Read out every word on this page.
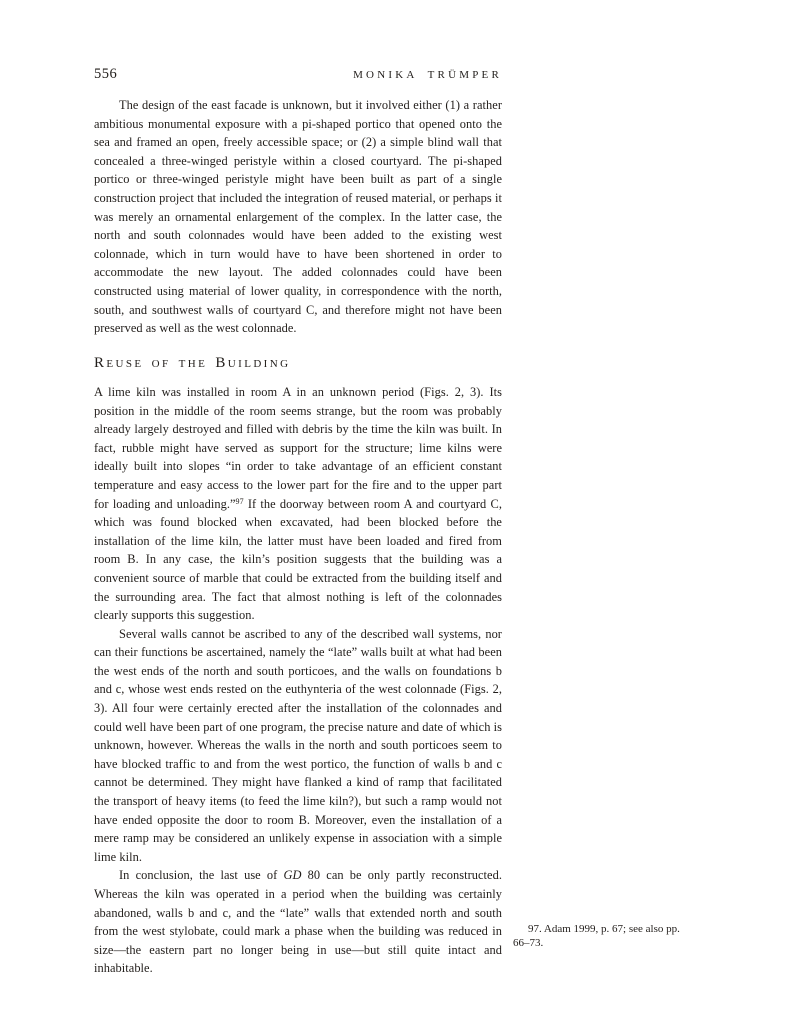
556	MONIKA TRÜMPER

The design of the east facade is unknown, but it involved either (1) a rather ambitious monumental exposure with a pi-shaped portico that opened onto the sea and framed an open, freely accessible space; or (2) a simple blind wall that concealed a three-winged peristyle within a closed courtyard. The pi-shaped portico or three-winged peristyle might have been built as part of a single construction project that included the integration of reused material, or perhaps it was merely an ornamental enlargement of the complex. In the latter case, the north and south colonnades would have been added to the existing west colonnade, which in turn would have to have been shortened in order to accommodate the new layout. The added colonnades could have been constructed using material of lower quality, in correspondence with the north, south, and southwest walls of courtyard C, and therefore might not have been preserved as well as the west colonnade.

Reuse of the Building

A lime kiln was installed in room A in an unknown period (Figs. 2, 3). Its position in the middle of the room seems strange, but the room was probably already largely destroyed and filled with debris by the time the kiln was built. In fact, rubble might have served as support for the structure; lime kilns were ideally built into slopes “in order to take advantage of an efficient constant temperature and easy access to the lower part for the fire and to the upper part for loading and unloading.”$^{97}$ If the doorway between room A and courtyard C, which was found blocked when excavated, had been blocked before the installation of the lime kiln, the latter must have been loaded and fired from room B. In any case, the kiln’s position suggests that the building was a convenient source of marble that could be extracted from the building itself and the surrounding area. The fact that almost nothing is left of the colonnades clearly supports this suggestion.

Several walls cannot be ascribed to any of the described wall systems, nor can their functions be ascertained, namely the “late” walls built at what had been the west ends of the north and south porticoes, and the walls on foundations b and c, whose west ends rested on the euthynteria of the west colonnade (Figs. 2, 3). All four were certainly erected after the installation of the colonnades and could well have been part of one program, the precise nature and date of which is unknown, however. Whereas the walls in the north and south porticoes seem to have blocked traffic to and from the west portico, the function of walls b and c cannot be determined. They might have flanked a kind of ramp that facilitated the transport of heavy items (to feed the lime kiln?), but such a ramp would not have ended opposite the door to room B. Moreover, even the installation of a mere ramp may be considered an unlikely expense in association with a simple lime kiln.

In conclusion, the last use of GD 80 can be only partly reconstructed. Whereas the kiln was operated in a period when the building was certainly abandoned, walls b and c, and the “late” walls that extended north and south from the west stylobate, could mark a phase when the building was reduced in size—the eastern part no longer being in use—but still quite intact and inhabitable.

97. Adam 1999, p. 67; see also pp. 66–73.
